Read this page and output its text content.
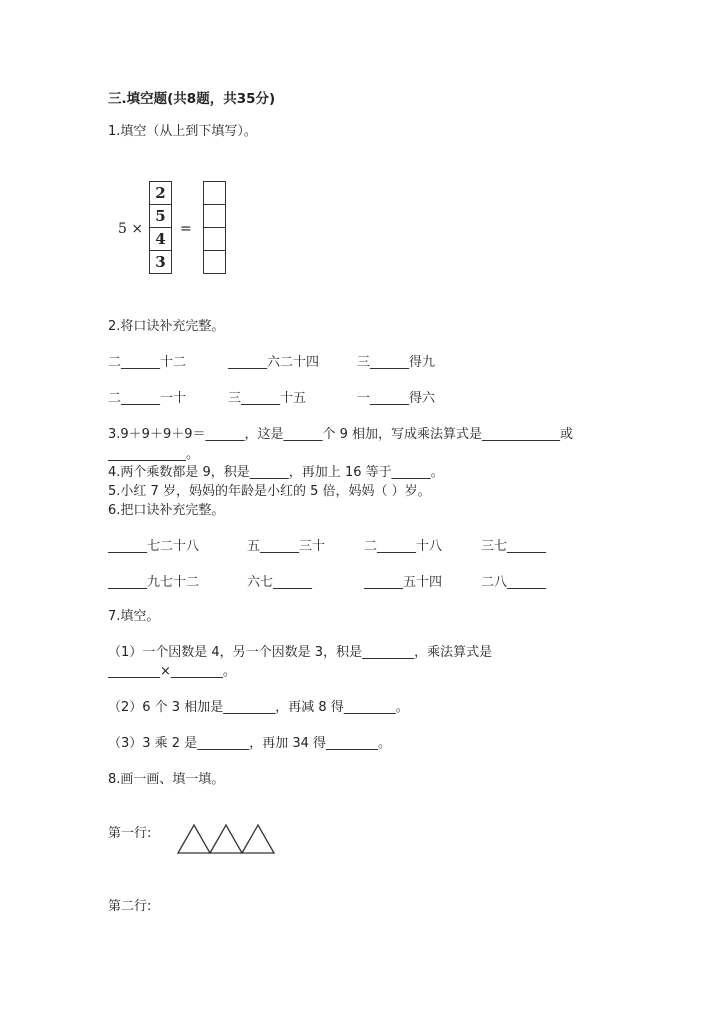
三.填空题(共8题，共35分)
1.填空（从上到下填写）。
5 ×
2
5
4
3
=
2.将口诀补充完整。
二______十二	______六二十四	三______得九
二______一十	三______十五	一______得六
3.9＋9＋9＋9＝______，这是______个 9 相加，写成乘法算式是____________或
____________。
4.两个乘数都是 9，积是______，再加上 16 等于______。
5.小红 7 岁，妈妈的年龄是小红的 5 倍，妈妈（ ）岁。
6.把口诀补充完整。
______七二十八	五______三十	二______十八	三七______
______九七十二	六七______	______五十四	二八______
7.填空。
（1）一个因数是 4，另一个因数是 3，积是________，乘法算式是
________×________。
（2）6 个 3 相加是________，再减 8 得________。
（3）3 乘 2 是________，再加 34 得________。
8.画一画、填一填。
第一行:
第二行:
